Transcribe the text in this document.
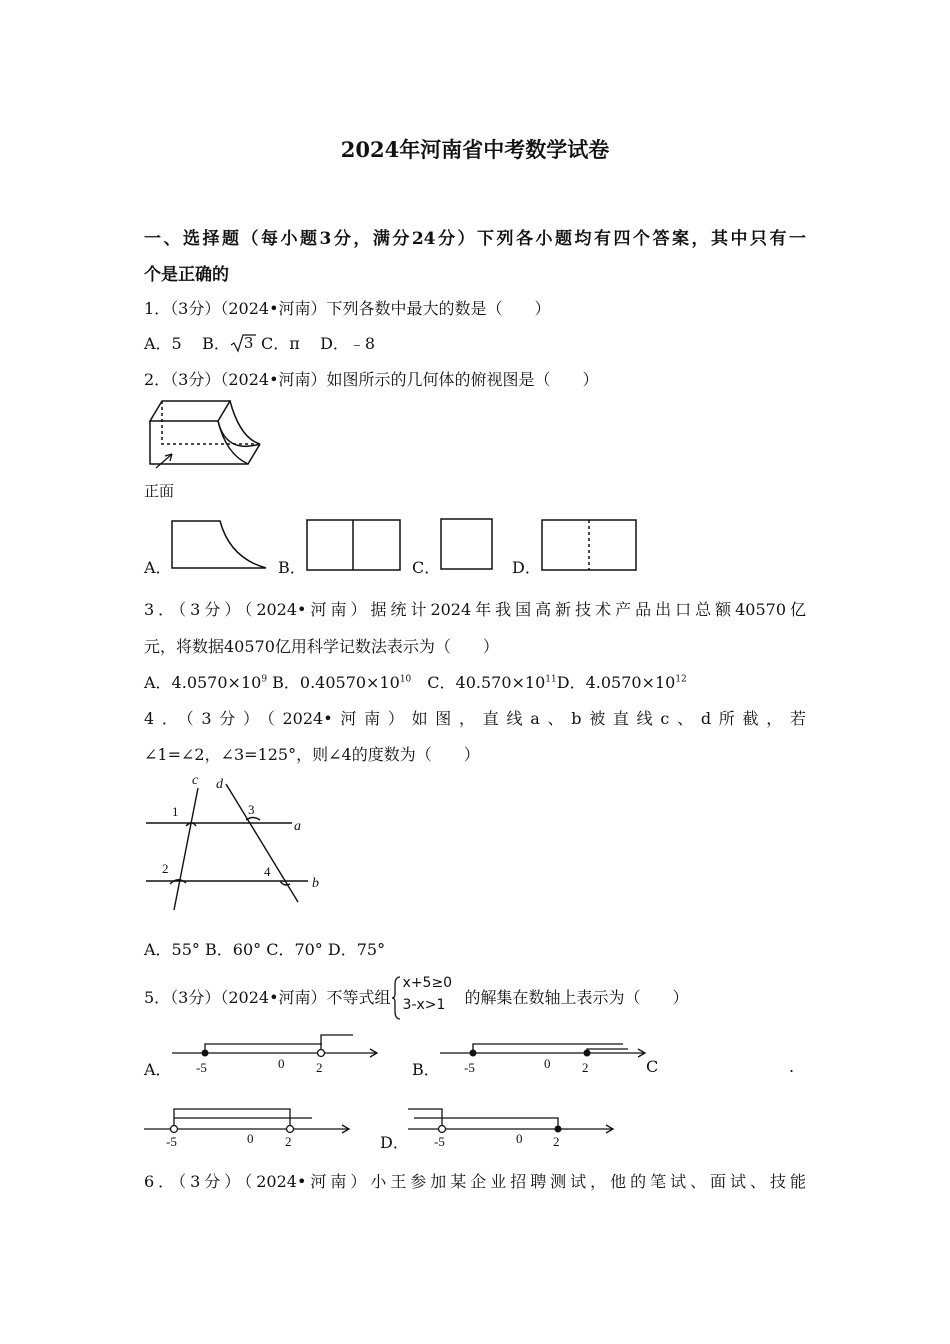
2024年河南省中考数学试卷
一、选择题（每小题3分，满分24分）下列各小题均有四个答案，其中只有一
个是正确的
1．（3分）（2024•河南）下列各数中最大的数是（　　）
A．5 B． 3 C．π D．﹣8
2．（3分）（2024•河南）如图所示的几何体的俯视图是（　　）
正面
A．	B．	C．	D．
3．（3分）（2024•河南）据统计2024年我国高新技术产品出口总额40570亿
元，将数据40570亿用科学记数法表示为（　　）
A．$4.0570\times 10^9$ B．$0.40570\times 10^{10}$　C．$40.570\times 10^{11}D$．$4.0570\times 10^{12}$
4．（3分）（2024•河南）如图，直线a、b被直线c、d所截，若
∠1=∠2，∠3=125°，则∠4的度数为（　　）
c d
a
b
1
2
3
4
A．55° B．60° C．70° D．75°
5．（3分）（2024•河南）不等式组
x+5≥0
3-x>1 的解集在数轴上表示为（　　）
A． -5	0 2	B． -5	0 2	C	.
-5	0 2	D． -5	0 2
6．（3分）（2024•河南）小王参加某企业招聘测试，他的笔试、面试、技能
